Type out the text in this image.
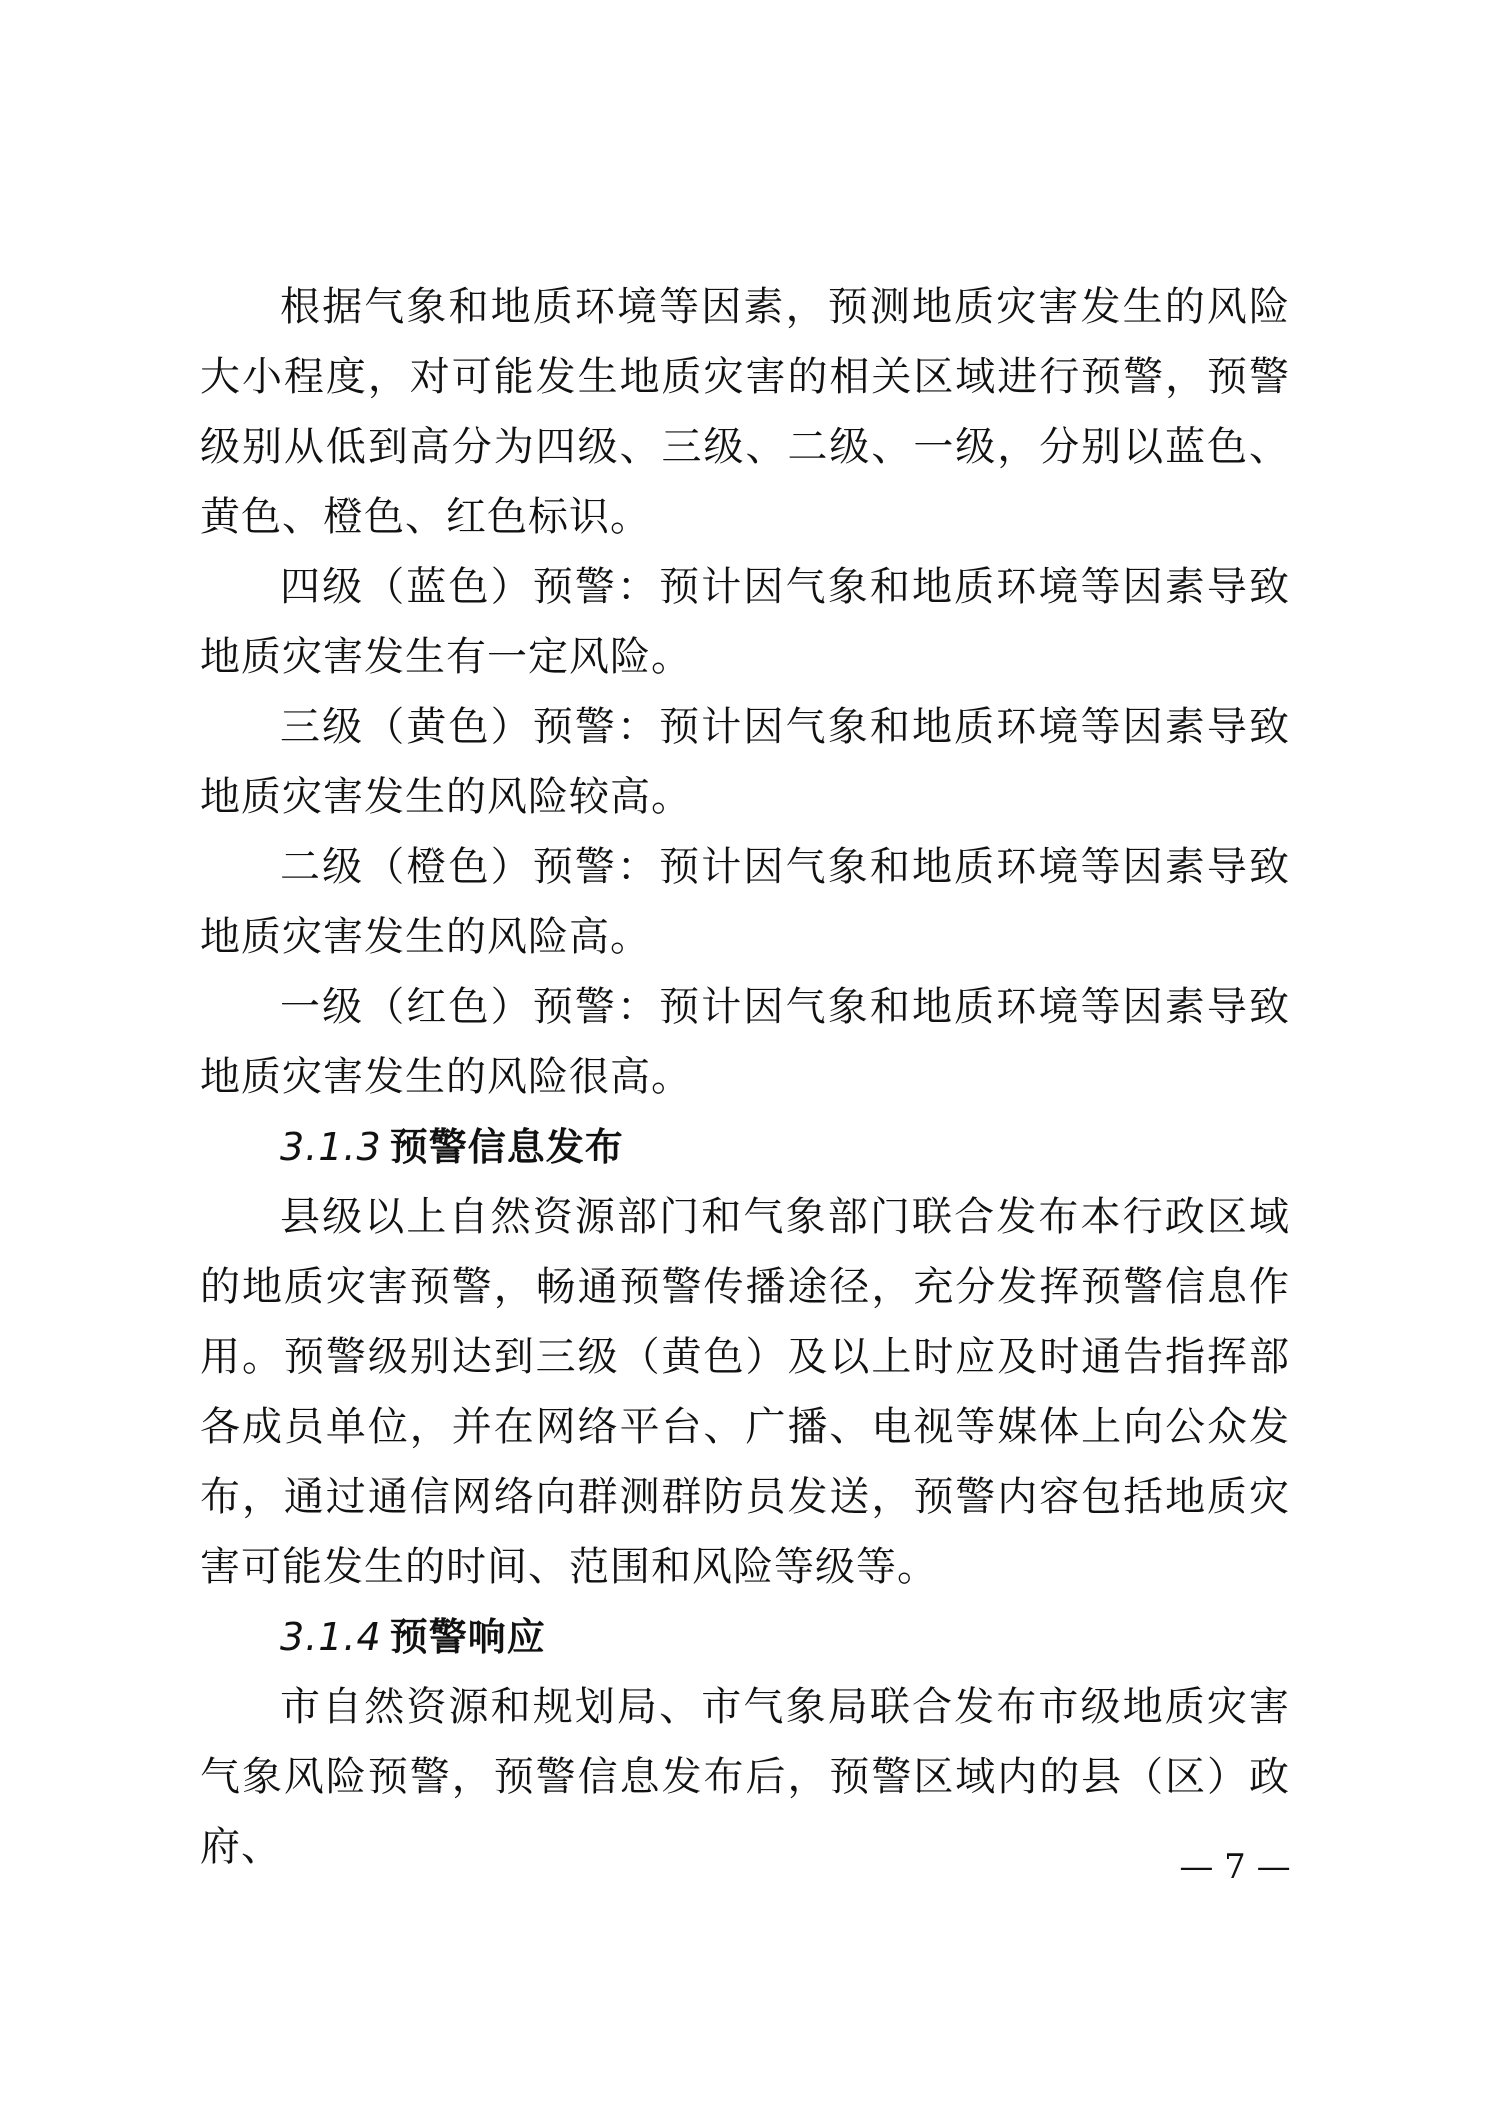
根据气象和地质环境等因素，预测地质灾害发生的风险大小程度，对可能发生地质灾害的相关区域进行预警，预警级别从低到高分为四级、三级、二级、一级，分别以蓝色、黄色、橙色、红色标识。

四级（蓝色）预警：预计因气象和地质环境等因素导致地质灾害发生有一定风险。

三级（黄色）预警：预计因气象和地质环境等因素导致地质灾害发生的风险较高。

二级（橙色）预警：预计因气象和地质环境等因素导致地质灾害发生的风险高。

一级（红色）预警：预计因气象和地质环境等因素导致地质灾害发生的风险很高。

3.1.3 预警信息发布

县级以上自然资源部门和气象部门联合发布本行政区域的地质灾害预警，畅通预警传播途径，充分发挥预警信息作用。预警级别达到三级（黄色）及以上时应及时通告指挥部各成员单位，并在网络平台、广播、电视等媒体上向公众发布，通过通信网络向群测群防员发送，预警内容包括地质灾害可能发生的时间、范围和风险等级等。

3.1.4 预警响应

市自然资源和规划局、市气象局联合发布市级地质灾害气象风险预警，预警信息发布后，预警区域内的县（区）政府、	— 7 —
